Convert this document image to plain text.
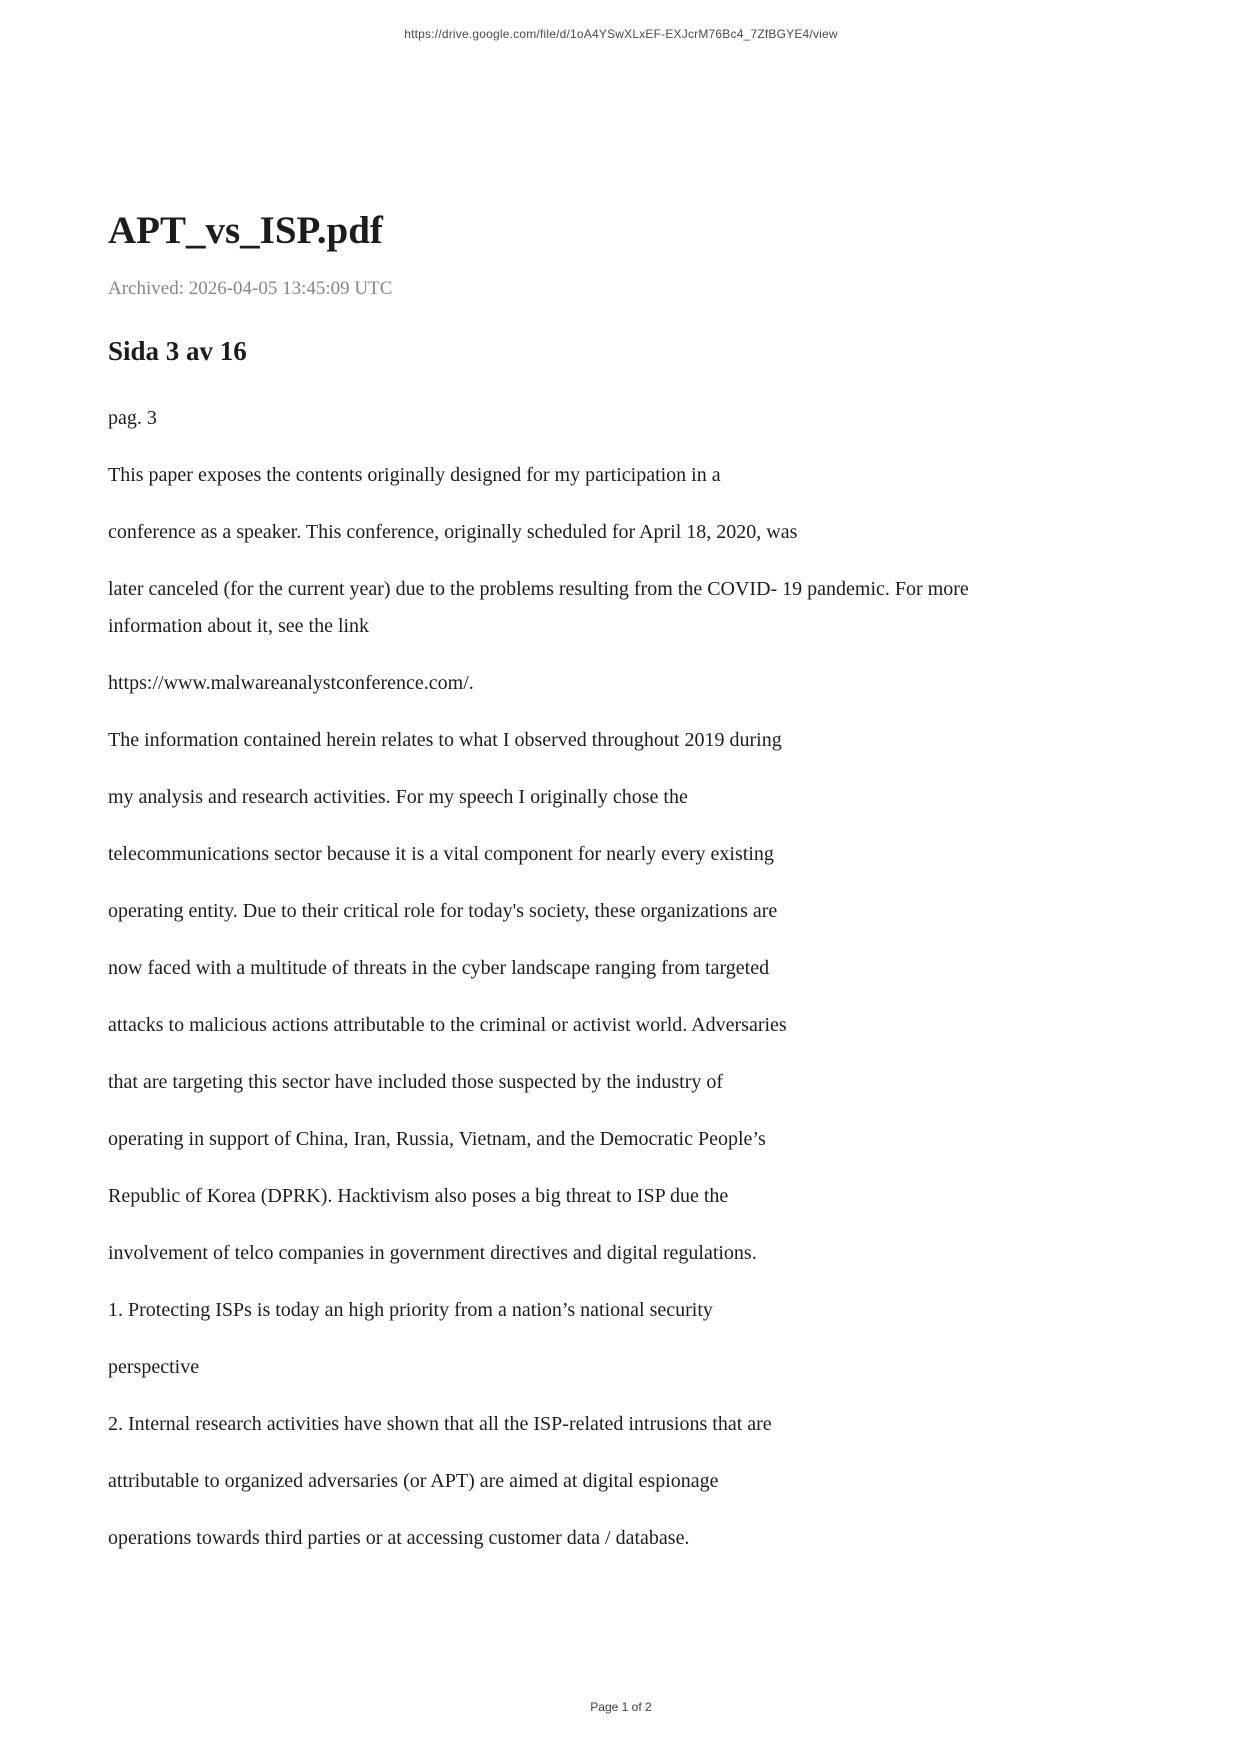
https://drive.google.com/file/d/1oA4YSwXLxEF-EXJcrM76Bc4_7ZfBGYE4/view
APT_vs_ISP.pdf

Archived: 2026-04-05 13:45:09 UTC

Sida 3 av 16

pag. 3

This paper exposes the contents originally designed for my participation in a

conference as a speaker. This conference, originally scheduled for April 18, 2020, was

later canceled (for the current year) due to the problems resulting from the COVID- 19 pandemic. For more

information about it, see the link

https://www.malwareanalystconference.com/.

The information contained herein relates to what I observed throughout 2019 during

my analysis and research activities. For my speech I originally chose the

telecommunications sector because it is a vital component for nearly every existing

operating entity. Due to their critical role for today's society, these organizations are

now faced with a multitude of threats in the cyber landscape ranging from targeted

attacks to malicious actions attributable to the criminal or activist world. Adversaries

that are targeting this sector have included those suspected by the industry of

operating in support of China, Iran, Russia, Vietnam, and the Democratic People’s

Republic of Korea (DPRK). Hacktivism also poses a big threat to ISP due the

involvement of telco companies in government directives and digital regulations.

1. Protecting ISPs is today an high priority from a nation’s national security

perspective

2. Internal research activities have shown that all the ISP-related intrusions that are

attributable to organized adversaries (or APT) are aimed at digital espionage

operations towards third parties or at accessing customer data / database.

Page 1 of 2
